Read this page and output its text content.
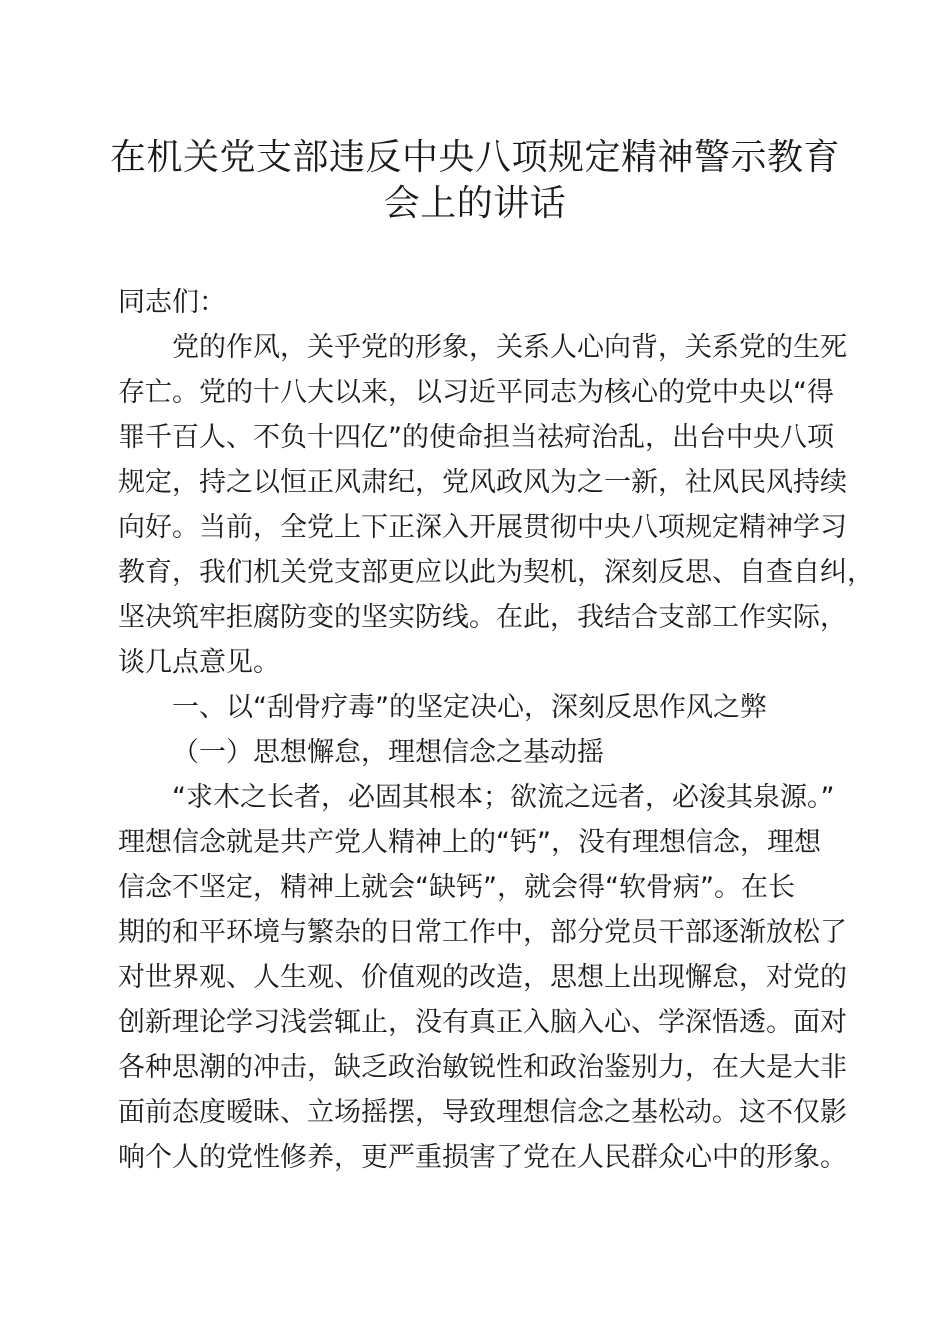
在机关党支部违反中央八项规定精神警示教育
会上的讲话
同志们：
党的作风，关乎党的形象，关系人心向背，关系党的生死
存亡。党的十八大以来，以习近平同志为核心的党中央以“得
罪千百人、不负十四亿”的使命担当祛疴治乱，出台中央八项
规定，持之以恒正风肃纪，党风政风为之一新，社风民风持续
向好。当前，全党上下正深入开展贯彻中央八项规定精神学习
教育，我们机关党支部更应以此为契机，深刻反思、自查自纠，
坚决筑牢拒腐防变的坚实防线。在此，我结合支部工作实际，
谈几点意见。
一、以“刮骨疗毒”的坚定决心，深刻反思作风之弊
（一）思想懈怠，理想信念之基动摇
“求木之长者，必固其根本；欲流之远者，必浚其泉源。”
理想信念就是共产党人精神上的“钙”，没有理想信念，理想
信念不坚定，精神上就会“缺钙”，就会得“软骨病”。在长
期的和平环境与繁杂的日常工作中，部分党员干部逐渐放松了
对世界观、人生观、价值观的改造，思想上出现懈怠，对党的
创新理论学习浅尝辄止，没有真正入脑入心、学深悟透。面对
各种思潮的冲击，缺乏政治敏锐性和政治鉴别力，在大是大非
面前态度暧昧、立场摇摆，导致理想信念之基松动。这不仅影
响个人的党性修养，更严重损害了党在人民群众心中的形象。
